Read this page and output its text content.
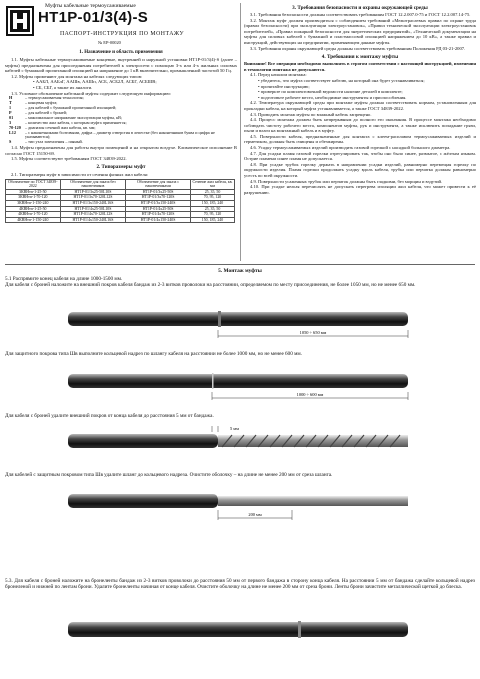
Муфты кабельные термоусаживаемые
НТ1Р-01/3(4)-S
ПАСПОРТ-ИНСТРУКЦИЯ ПО МОНТАЖУ
№ ЕР-00020
1. Назначение и область применения

1.1. Муфты кабельные термоусаживаемые концевые, внутренней и наружной установки НТ1Р-01/3(4)-S (далее – муфты) предназначены для присоединения потребителей к электросети с помощью 3-х или 4-х жильных силовых кабелей с бумажной пропитанной изоляцией на напряжение до 1 кВ включительно, промышленной частотой 50 Гц.

1.2. Муфты применяют для монтажа на кабелях следующих типов:

• ААБЛ, ААБлГ, ААШв, ААШп, АСБ, АСБ2Л, АСБГ, АСБШВ;

• СБ, СБГ, а также их аналоги.

1.3. Условное обозначение кабельной муфты содержит следующую информацию:

Н	– термоусаживаемая технология;
Т	– концевая муфта;
1	– для кабелей с бумажной пропитанной изоляцией;
Р	– для кабелей с броней;
01	– максимальное напряжение эксплуатации муфты, кВ;
3	– количество жил кабеля, с которым муфта применяется;
70-120 – диапазон сечений жил кабеля, кв. мм;
L12	– с наконечниками болтовыми, дифра – диаметр отверстия в лепестке (без наконечников буква и цифра не указываются);
S	– тип узла заземления – паяный.

1.4. Муфты предназначены для работы внутри помещений и на открытом воздухе. Климатическое исполнение В согласно ГОСТ 15150-69.

1.5. Муфты соответствуют требованиям ГОСТ 34839-2022.

2. Типоразмеры муфт

2.1. Типоразмеры муфт в зависимости от сечения фазных жил кабеля:

Обозначение по ГОСТ 34839-2022	Обозначение для заказа без наконечников	Обозначение для заказа с наконечниками	Сечение жил кабеля, кв. мм
3КВНтп-1-25-50	НТ1Р-01/3х25-50L10S	НТ1Р-01/3х25-50S	25, 35, 50
3КВНтп-1-70-120	НТ1Р-01/3х70-120L12S	НТ1Р-01/3х70-120S	70, 95, 120
3КВНтп-1-150-240	НТ1Р-01/3х150-240L16S	НТ1Р-01/3х150-240S	150, 185, 240
4КВНтп-1-25-50	НТ1Р-01/4х25-50L10S	НТ1Р-01/4х25-50S	25, 35, 50
4КВНтп-1-70-120	НТ1Р-01/4х70-120L12S	НТ1Р-01/4х70-120S	70, 95, 120
4КВНтп-1-150-240	НТ1Р-01/4х150-240L16S	НТ1Р-01/4х150-240S	150, 185, 240
3. Требования безопасности и охраны окружающей среды

3.1. Требования безопасности должны соответствовать требованиям ГОСТ 12.2.007.0-75 и ГОСТ 12.2.007.14-75.

3.2. Монтаж муфт должен производиться с соблюдением требований «Межотраслевых правил по охране труда (правил безопасности) при эксплуатации электроустановок», «Правил технической эксплуатации электроустановок потребителей», «Правил пожарной безопасности для энергетических предприятий», «Технической документации на муфты для силовых кабелей с бумажной и пластмассовой изоляцией напряжением до 10 кВ», а также правил и инструкций, действующих на предприятии, применяющем данные муфты.

3.3. Требования охраны окружающей среды должны соответствовать требованиям Положения РД 03-21-2007.

4. Требования к монтажу муфты

Внимание! Все операции необходимо выполнять в строгом соответствии с настоящей инструкцией, изменения в технологии монтажа не допускаются.

4.1. Перед началом монтажа:

• убедитесь, что муфта соответствует кабелю, на который она будет устанавливаться;

• прочитайте инструкцию;

• проверьте по комплектовочной ведомости наличие деталей в комплекте;

• подготовьте рабочее место, необходимые инструменты и приспособления.

4.2. Температура окружающей среды при монтаже муфты должна соответствовать нормам, установленным для прокладки кабеля, на который муфта устанавливается, а также ГОСТ 34839-2022.

4.3. Проводить монтаж муфты по влажный кабель запрещено.

4.4. Процесс монтажа должен быть непрерывным до полного его окончания. В процессе монтажа необходимо соблюдать чистоту рабочего места, компонентов муфты, рук и инструмента, а также исключить попадание грязи, пыли и влаги на монтажный кабель и в муфту.

4.5. Поверхности кабеля, предназначенные для контакта с клеем-расплавом термоусаживаемых изделий и герметиком, должны быть очищены и обезжирены.

4.6. Усадку термоусаживаемых изделий производить газовой горелкой с насадкой большого диаметра.

4.7. Для усадки пламя газовой горелки отрегулировать так, чтобы оно было синее, размытое, с жёлтым языком. Острие пламени синее пламя не допускается.

4.8. При усадке трубок горелку держать в направлении усадки изделий, равномерно перемещая горелку по окружности изделия. Пламя горелки продолжать усадку вдоль кабеля, трубка или перчатка должны равномерно усесть по всей окружности.

4.9. Поверхности усаженных трубок или перчаток должны быть гладкими, без морщин и вздутий.

4.10. При усадке нельзя перечислять не допускать перегрева изоляции жил кабеля, что может привести к её разрушению.

5. Монтаж муфты

5.1 Распрямите конец кабеля на длине 1000-1500 мм.

Для кабеля с броней наложите на внешний покров кабеля бандаж из 2-3 витков проволоки на расстоянии, определяемом по месту присоединения, не более 1050 мм, но не менее 650 мм.

1050 ÷ 650 мм
1000 ÷ 600 мм
5 мм
200 мм

Для защитного покрова типа Шв выполните кольцевой надрез по шлангу кабеля на расстоянии не более 1000 мм, но не менее 600 мм.

Для кабеля с броней удалите внешний покров от конца кабеля до расстояния 5 мм от бандажа.

Для кабелей с защитным покровом типа Шв удалите шланг до кольцевого надреза. Очистите оболочку – на длине не менее 200 мм от среза шланга.

5.3. Для кабеля с броней наложите на бронеленты бандаж из 2-3 витков проволоки до расстояния 50 мм от первого бандажа в сторону конца кабеля. На расстоянии 5 мм от бандажа сделайте кольцевой надрез бронеленой и нижней по лентам брони. Удалите бронеленты начиная от конце кабеля. Очистите оболочку на длине не менее 200 мм от среза брони. Ленты брони зачистите металлической щеткой до блеска.
